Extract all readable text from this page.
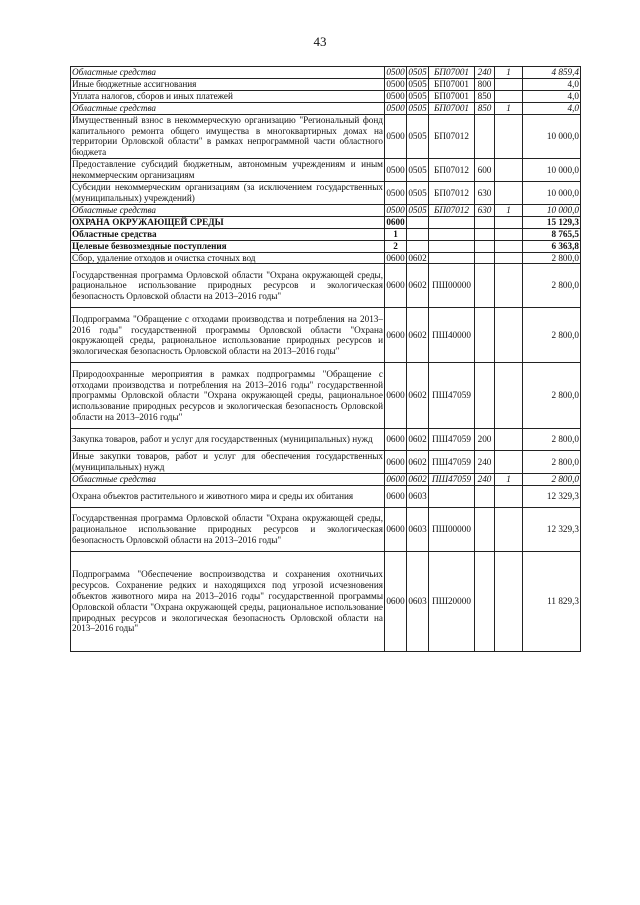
43
Областные средства	0500	0505	БП07001	240	1	4 859,4
Иные бюджетные ассигнования	0500	0505	БП07001	800		4,0
Уплата налогов, сборов и иных платежей	0500	0505	БП07001	850		4,0
Областные средства	0500	0505	БП07001	850	1	4,0
Имущественный взнос в некоммерческую организацию "Региональный фонд капитального ремонта общего имущества в многоквартирных домах на территории Орловской области" в рамках непрограммной части областного бюджета	0500	0505	БП07012			10 000,0
Предоставление субсидий бюджетным, автономным учреждениям и иным некоммерческим организациям	0500	0505	БП07012	600		10 000,0
Субсидии некоммерческим организациям (за исключением государственных (муниципальных) учреждений)	0500	0505	БП07012	630		10 000,0
Областные средства	0500	0505	БП07012	630	1	10 000,0
ОХРАНА ОКРУЖАЮЩЕЙ СРЕДЫ	0600					15 129,3
Областные средства	1					8 765,5
Целевые безвозмездные поступления	2					6 363,8
Сбор, удаление отходов и очистка сточных вод	0600	0602				2 800,0
Государственная программа Орловской области "Охрана окружающей среды, рациональное использование природных ресурсов и экологическая безопасность Орловской области на 2013–2016 годы"	0600	0602	ПШ00000			2 800,0
Подпрограмма "Обращение с отходами производства и потребления на 2013–2016 годы" государственной программы Орловской области "Охрана окружающей среды, рациональное использование природных ресурсов и экологическая безопасность Орловской области на 2013–2016 годы"	0600	0602	ПШ40000			2 800,0
Природоохранные мероприятия в рамках подпрограммы "Обращение с отходами производства и потребления на 2013–2016 годы" государственной программы Орловской области "Охрана окружающей среды, рациональное использование природных ресурсов и экологическая безопасность Орловской области на 2013–2016 годы"	0600	0602	ПШ47059			2 800,0
Закупка товаров, работ и услуг для государственных (муниципальных) нужд	0600	0602	ПШ47059	200		2 800,0
Иные закупки товаров, работ и услуг для обеспечения государственных (муниципальных) нужд	0600	0602	ПШ47059	240		2 800,0
Областные средства	0600	0602	ПШ47059	240	1	2 800,0
Охрана объектов растительного и животного мира и среды их обитания	0600	0603				12 329,3
Государственная программа Орловской области "Охрана окружающей среды, рациональное использование природных ресурсов и экологическая безопасность Орловской области на 2013–2016 годы"	0600	0603	ПШ00000			12 329,3
Подпрограмма "Обеспечение воспроизводства и сохранения охотничьих ресурсов. Сохранение редких и находящихся под угрозой исчезновения объектов животного мира на 2013–2016 годы" государственной программы Орловской области "Охрана окружающей среды, рациональное использование природных ресурсов и экологическая безопасность Орловской области на 2013–2016 годы"	0600	0603	ПШ20000			11 829,3
